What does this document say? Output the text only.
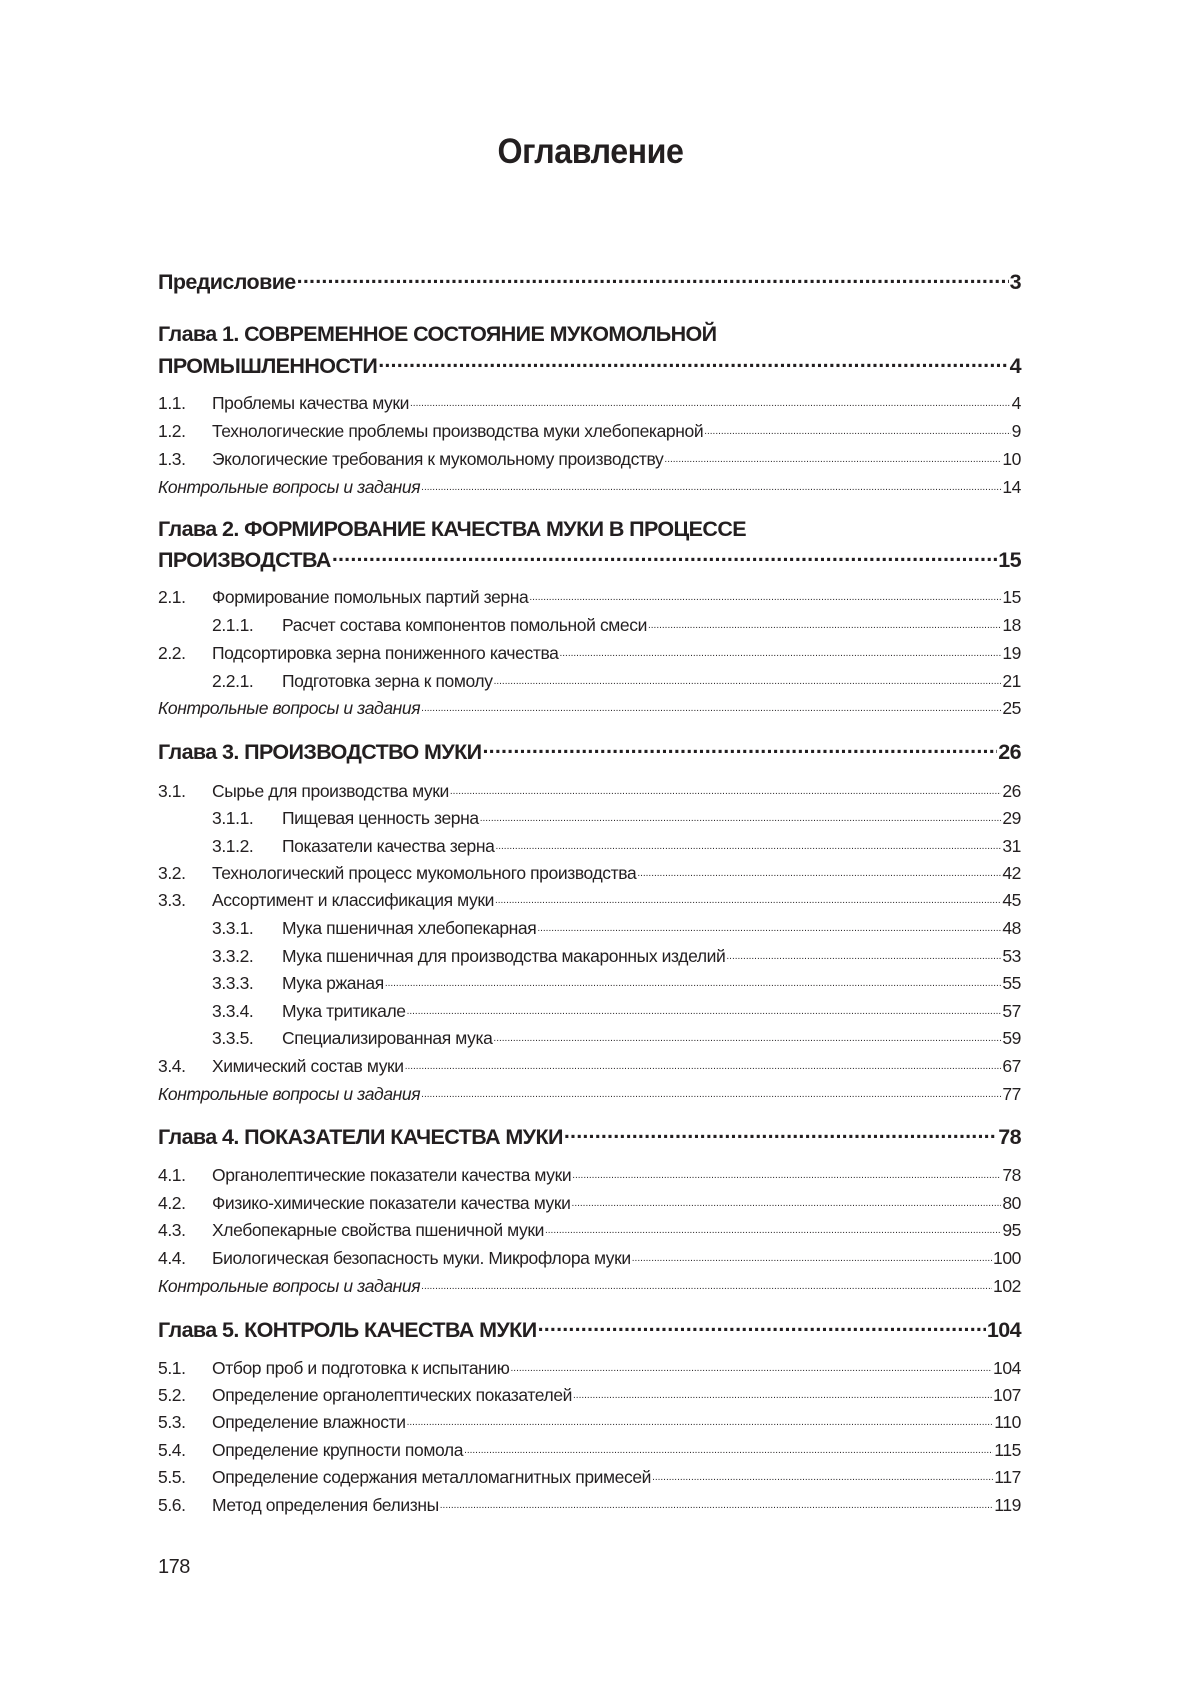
Оглавление
Предисловие .....	3
Глава 1. СОВРЕМЕННОЕ СОСТОЯНИЕ МУКОМОЛЬНОЙ
ПРОМЫШЛЕННОСТИ .....	4
1.1.	Проблемы качества муки .....	4
1.2.	Технологические проблемы производства муки хлебопекарной .....	9
1.3.	Экологические требования к мукомольному производству .....	10
Контрольные вопросы и задания .....	14
Глава 2. ФОРМИРОВАНИЕ КАЧЕСТВА МУКИ В ПРОЦЕССЕ
ПРОИЗВОДСТВА .....	15
2.1.	Формирование помольных партий зерна .....	15
2.1.1.	Расчет состава компонентов помольной смеси .....	18
2.2.	Подсортировка зерна пониженного качества .....	19
2.2.1.	Подготовка зерна к помолу .....	21
Контрольные вопросы и задания .....	25
Глава 3. ПРОИЗВОДСТВО МУКИ .....	26
3.1.	Сырье для производства муки .....	26
3.1.1.	Пищевая ценность зерна .....	29
3.1.2.	Показатели качества зерна .....	31
3.2.	Технологический процесс мукомольного производства .....	42
3.3.	Ассортимент и классификация муки .....	45
3.3.1.	Мука пшеничная хлебопекарная .....	48
3.3.2.	Мука пшеничная для производства макаронных изделий .....	53
3.3.3.	Мука ржаная .....	55
3.3.4.	Мука тритикале .....	57
3.3.5.	Специализированная мука .....	59
3.4.	Химический состав муки .....	67
Контрольные вопросы и задания .....	77
Глава 4. ПОКАЗАТЕЛИ КАЧЕСТВА МУКИ .....	78
4.1.	Органолептические показатели качества муки .....	78
4.2.	Физико-химические показатели качества муки .....	80
4.3.	Хлебопекарные свойства пшеничной муки .....	95
4.4.	Биологическая безопасность муки. Микрофлора муки .....	100
Контрольные вопросы и задания .....	102
Глава 5. КОНТРОЛЬ КАЧЕСТВА МУКИ .....	104
5.1.	Отбор проб и подготовка к испытанию .....	104
5.2.	Определение органолептических показателей .....	107
5.3.	Определение влажности .....	110
5.4.	Определение крупности помола .....	115
5.5.	Определение содержания металломагнитных примесей .....	117
5.6.	Метод определения белизны .....	119
178
